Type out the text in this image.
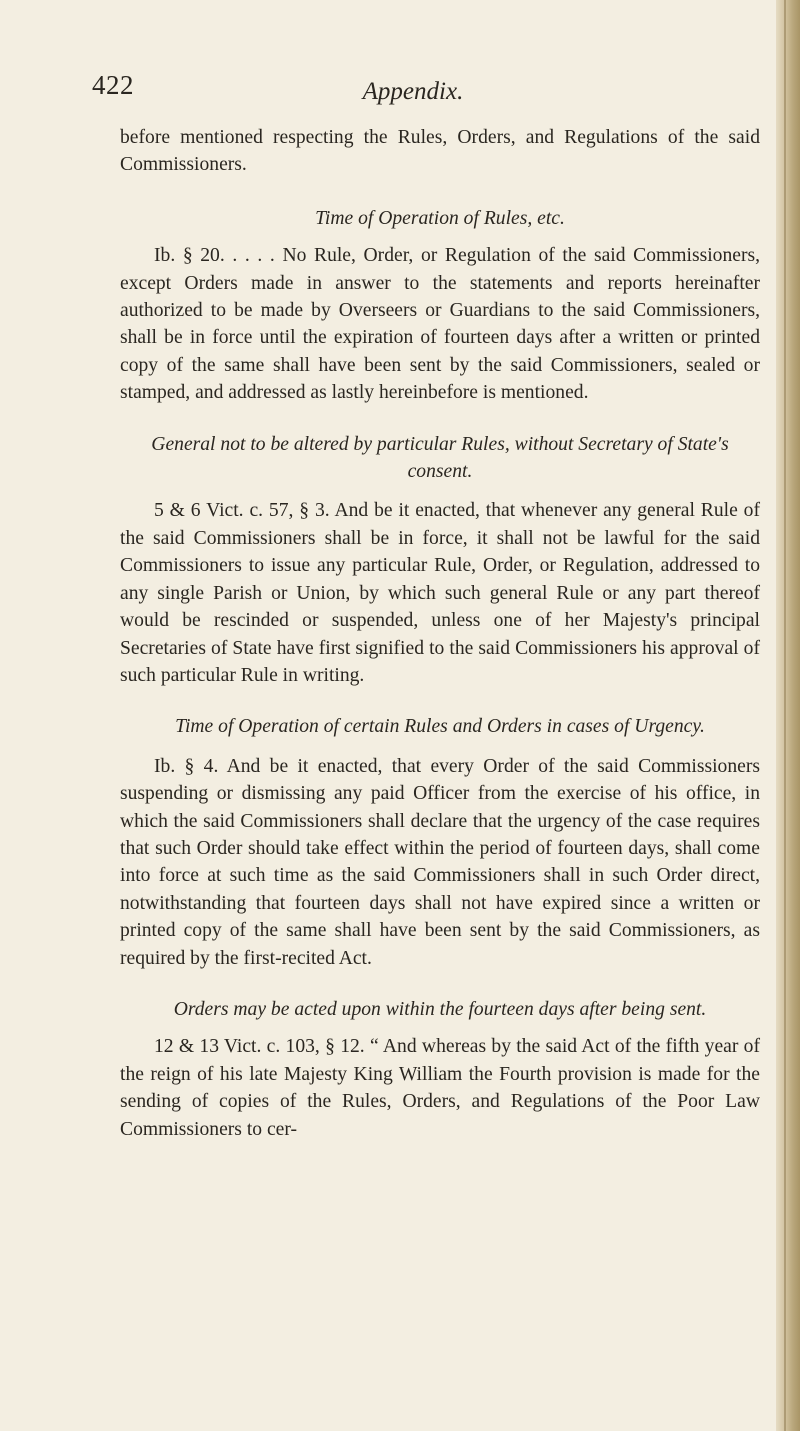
422	Appendix.

before mentioned respecting the Rules, Orders, and Regulations of the said Commissioners.

Time of Operation of Rules, etc.

Ib. § 20. . . . . No Rule, Order, or Regulation of the said Commissioners, except Orders made in answer to the statements and reports hereinafter authorized to be made by Overseers or Guardians to the said Commissioners, shall be in force until the expiration of fourteen days after a written or printed copy of the same shall have been sent by the said Commissioners, sealed or stamped, and addressed as lastly hereinbefore is mentioned.

General not to be altered by particular Rules, without Secretary of State's consent.

5 & 6 Vict. c. 57, § 3. And be it enacted, that whenever any general Rule of the said Commissioners shall be in force, it shall not be lawful for the said Commissioners to issue any particular Rule, Order, or Regulation, addressed to any single Parish or Union, by which such general Rule or any part thereof would be rescinded or suspended, unless one of her Majesty's principal Secretaries of State have first signified to the said Commissioners his approval of such particular Rule in writing.

Time of Operation of certain Rules and Orders in cases of Urgency.

Ib. § 4. And be it enacted, that every Order of the said Commissioners suspending or dismissing any paid Officer from the exercise of his office, in which the said Commissioners shall declare that the urgency of the case requires that such Order should take effect within the period of fourteen days, shall come into force at such time as the said Commissioners shall in such Order direct, notwithstanding that fourteen days shall not have expired since a written or printed copy of the same shall have been sent by the said Commissioners, as required by the first-recited Act.

Orders may be acted upon within the fourteen days after being sent.

12 & 13 Vict. c. 103, § 12. “ And whereas by the said Act of the fifth year of the reign of his late Majesty King William the Fourth provision is made for the sending of copies of the Rules, Orders, and Regulations of the Poor Law Commissioners to cer-
